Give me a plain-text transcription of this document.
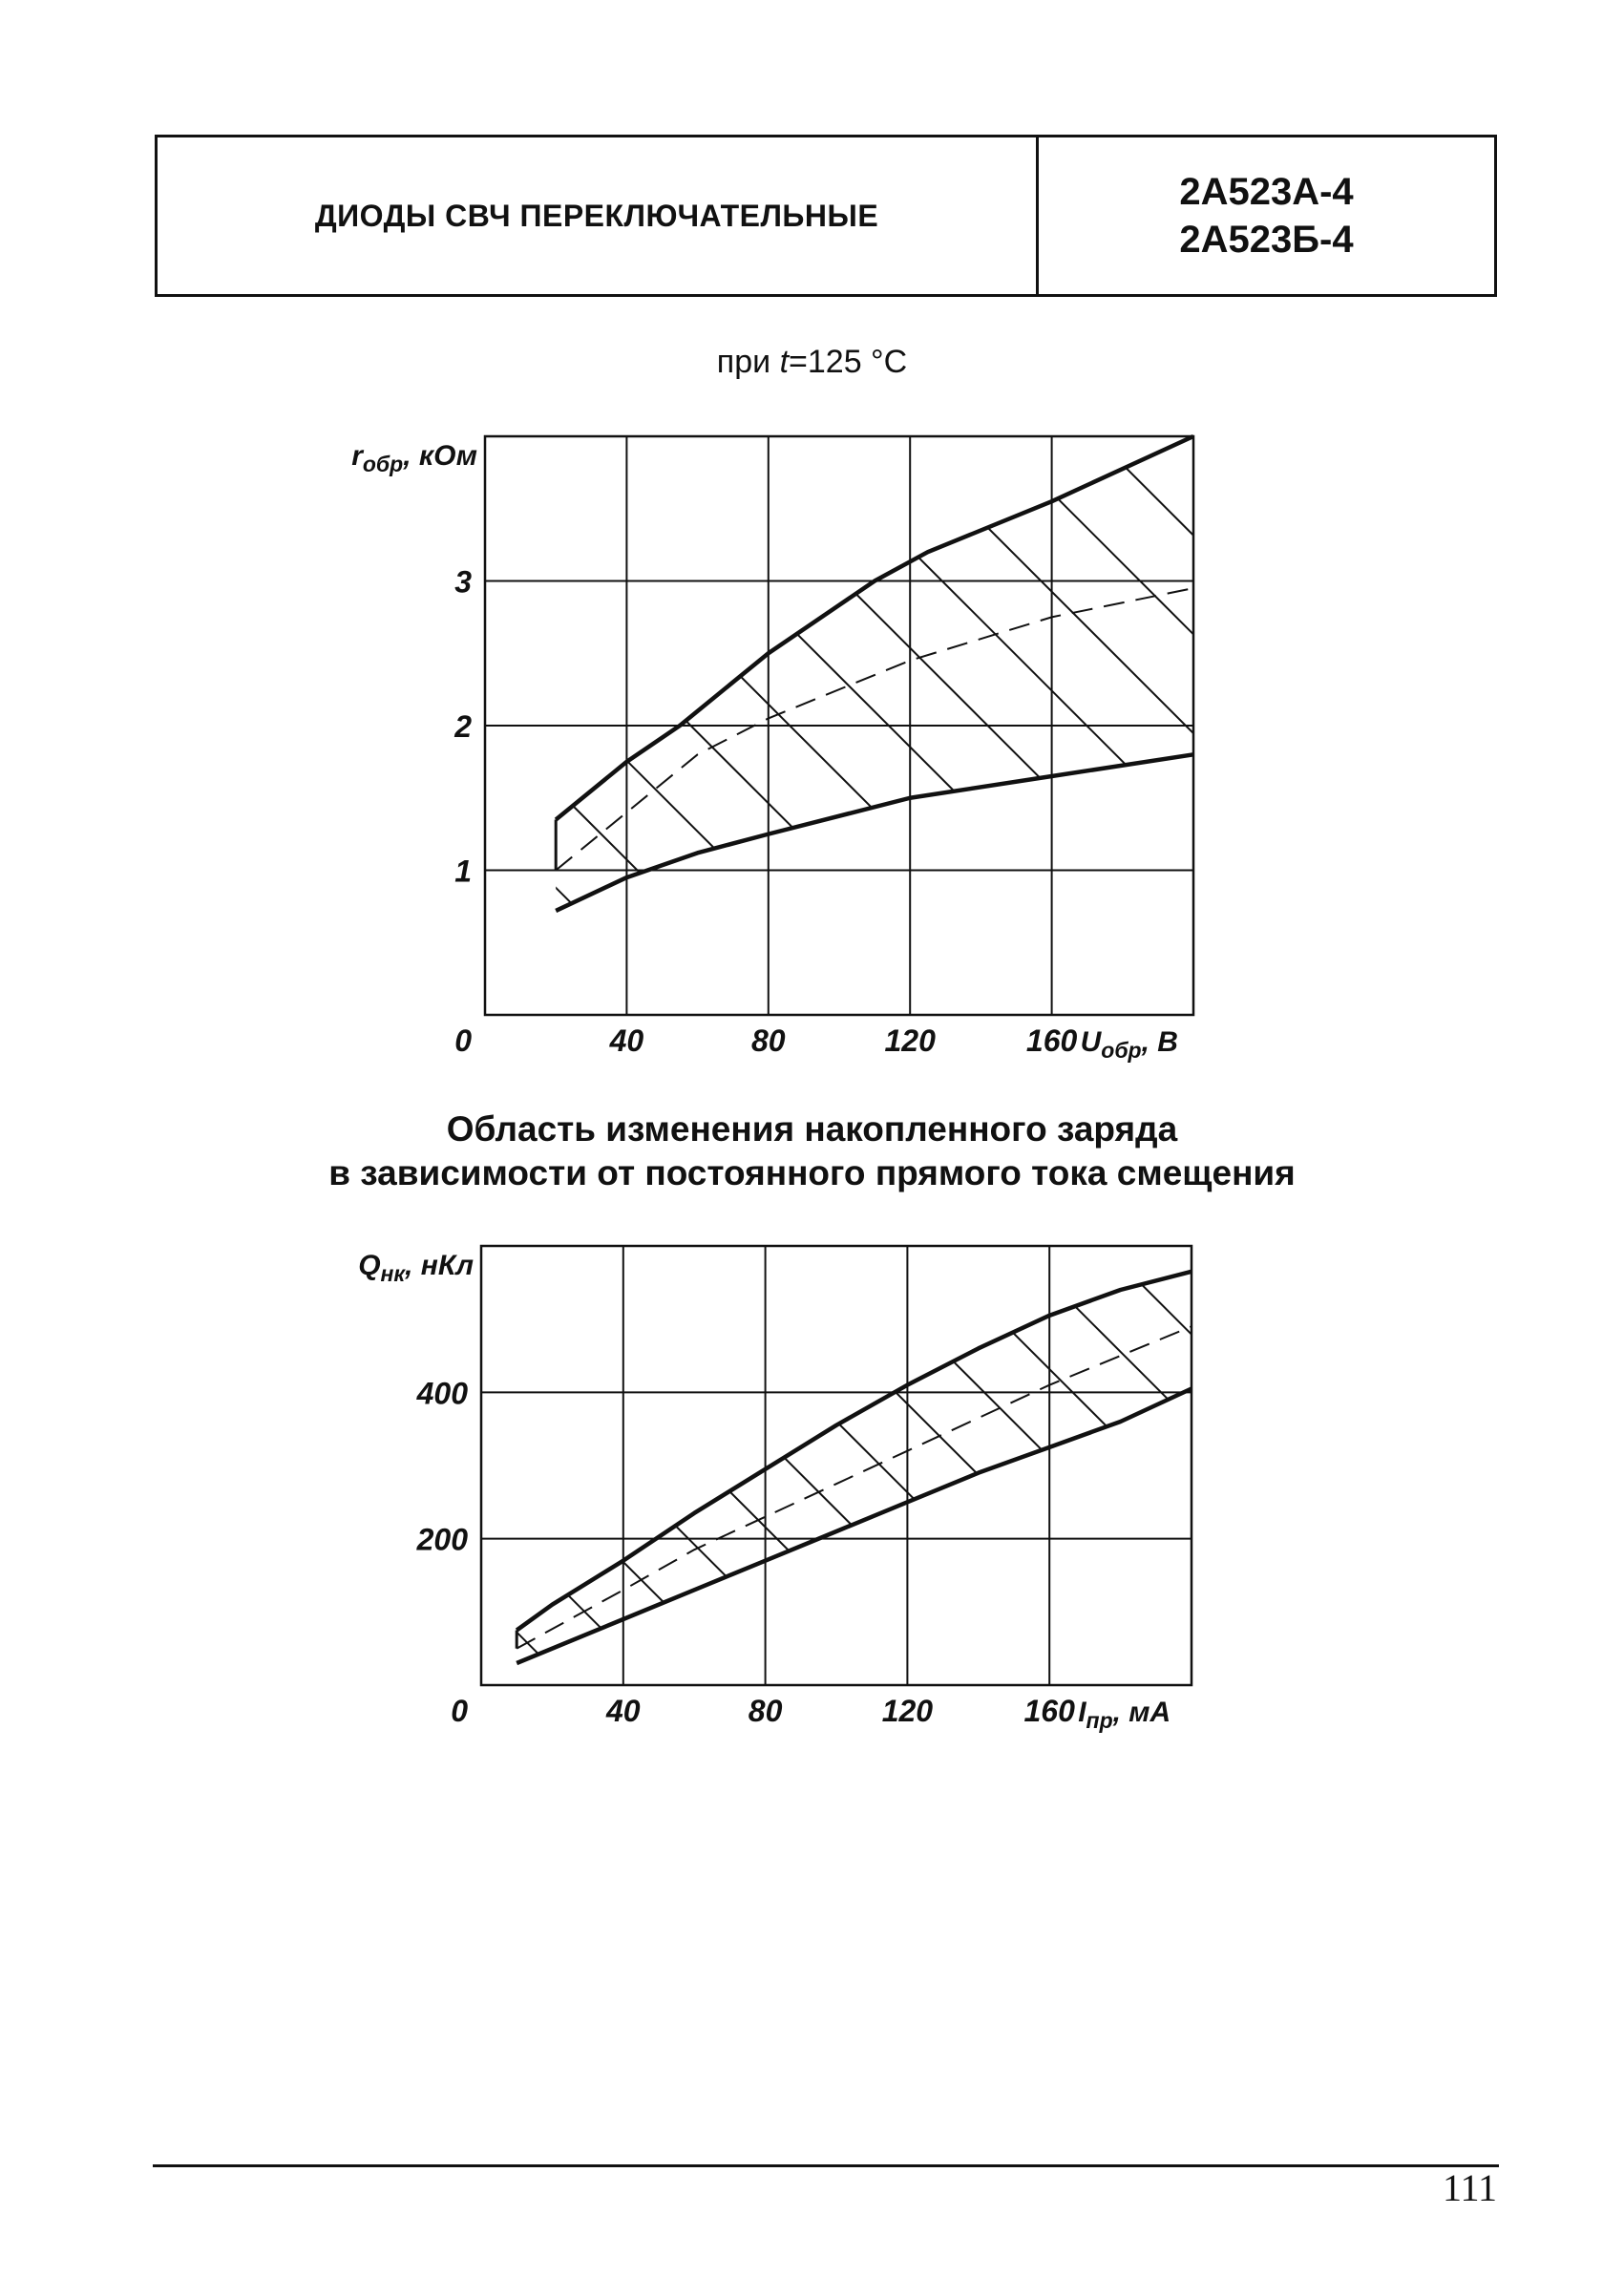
ДИОДЫ СВЧ ПЕРЕКЛЮЧАТЕЛЬНЫЕ
2А523А-4
2А523Б-4
при t=125 °C
40	80	120	160
1
2
3
0
$r_{обр}$, кОм
$U_{обр}$, В
Область изменения накопленного заряда
в зависимости от постоянного прямого тока смещения
40	80	120	160
200
400
0
$Q_{нк}$, нКл
$I_{пр}$, мА
111
